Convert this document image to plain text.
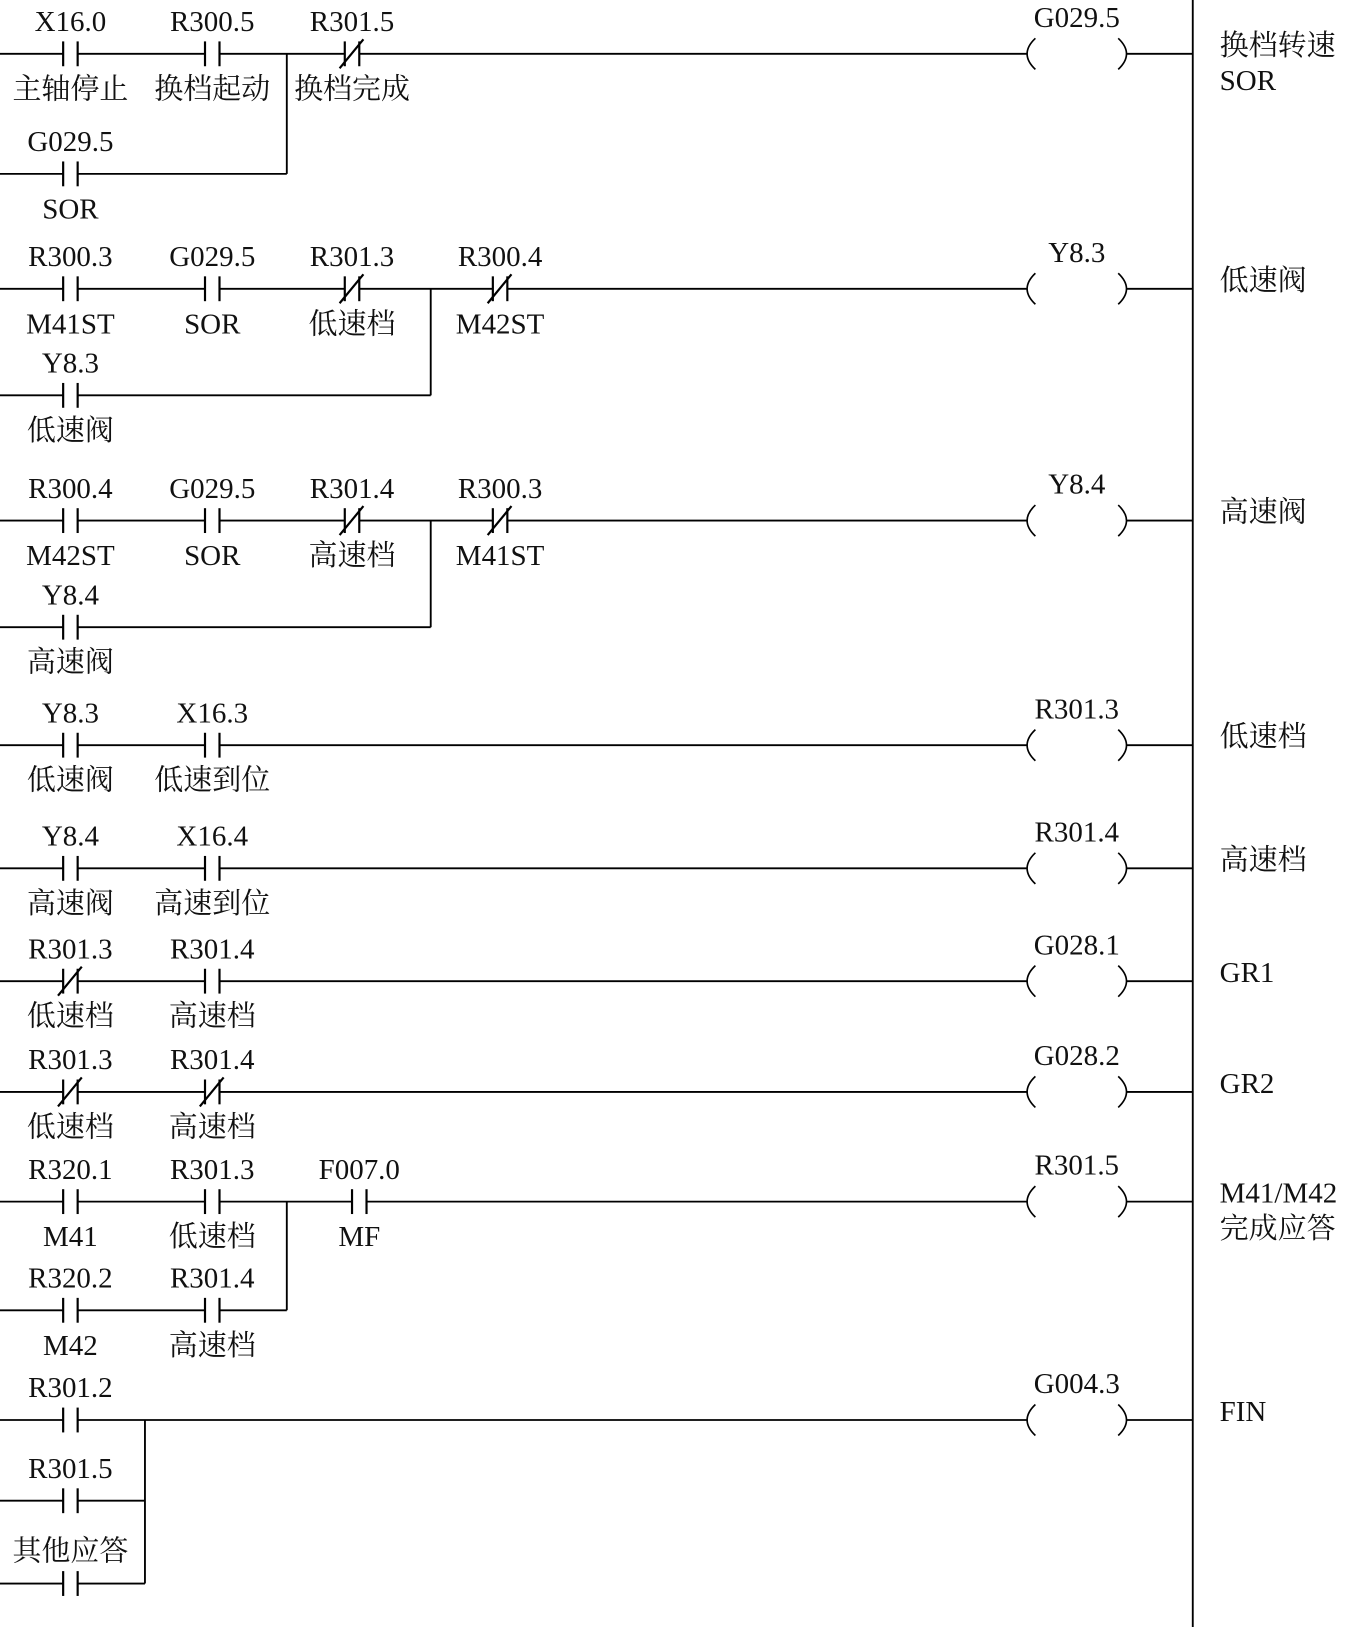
X16.0
主轴停止
R300.5
换档起动
R301.5
换档完成
G029.5
SOR
G029.5
换档转速
SOR
R300.3
M41ST
G029.5
SOR
R301.3
低速档
R300.4
M42ST
Y8.3
低速阀
Y8.3
低速阀
R300.4
M42ST
G029.5
SOR
R301.4
高速档
R300.3
M41ST
Y8.4
高速阀
Y8.4
高速阀
Y8.3
低速阀
X16.3
低速到位
R301.3
低速档
Y8.4
高速阀
X16.4
高速到位
R301.4
高速档
R301.3
低速档
R301.4
高速档
G028.1
GR1
R301.3
低速档
R301.4
高速档
G028.2
GR2
R320.1
M41
R301.3
低速档
F007.0
MF
R320.2
M42
R301.4
高速档
R301.5
M41/M42
完成应答
R301.2
R301.5
其他应答
G004.3
FIN
